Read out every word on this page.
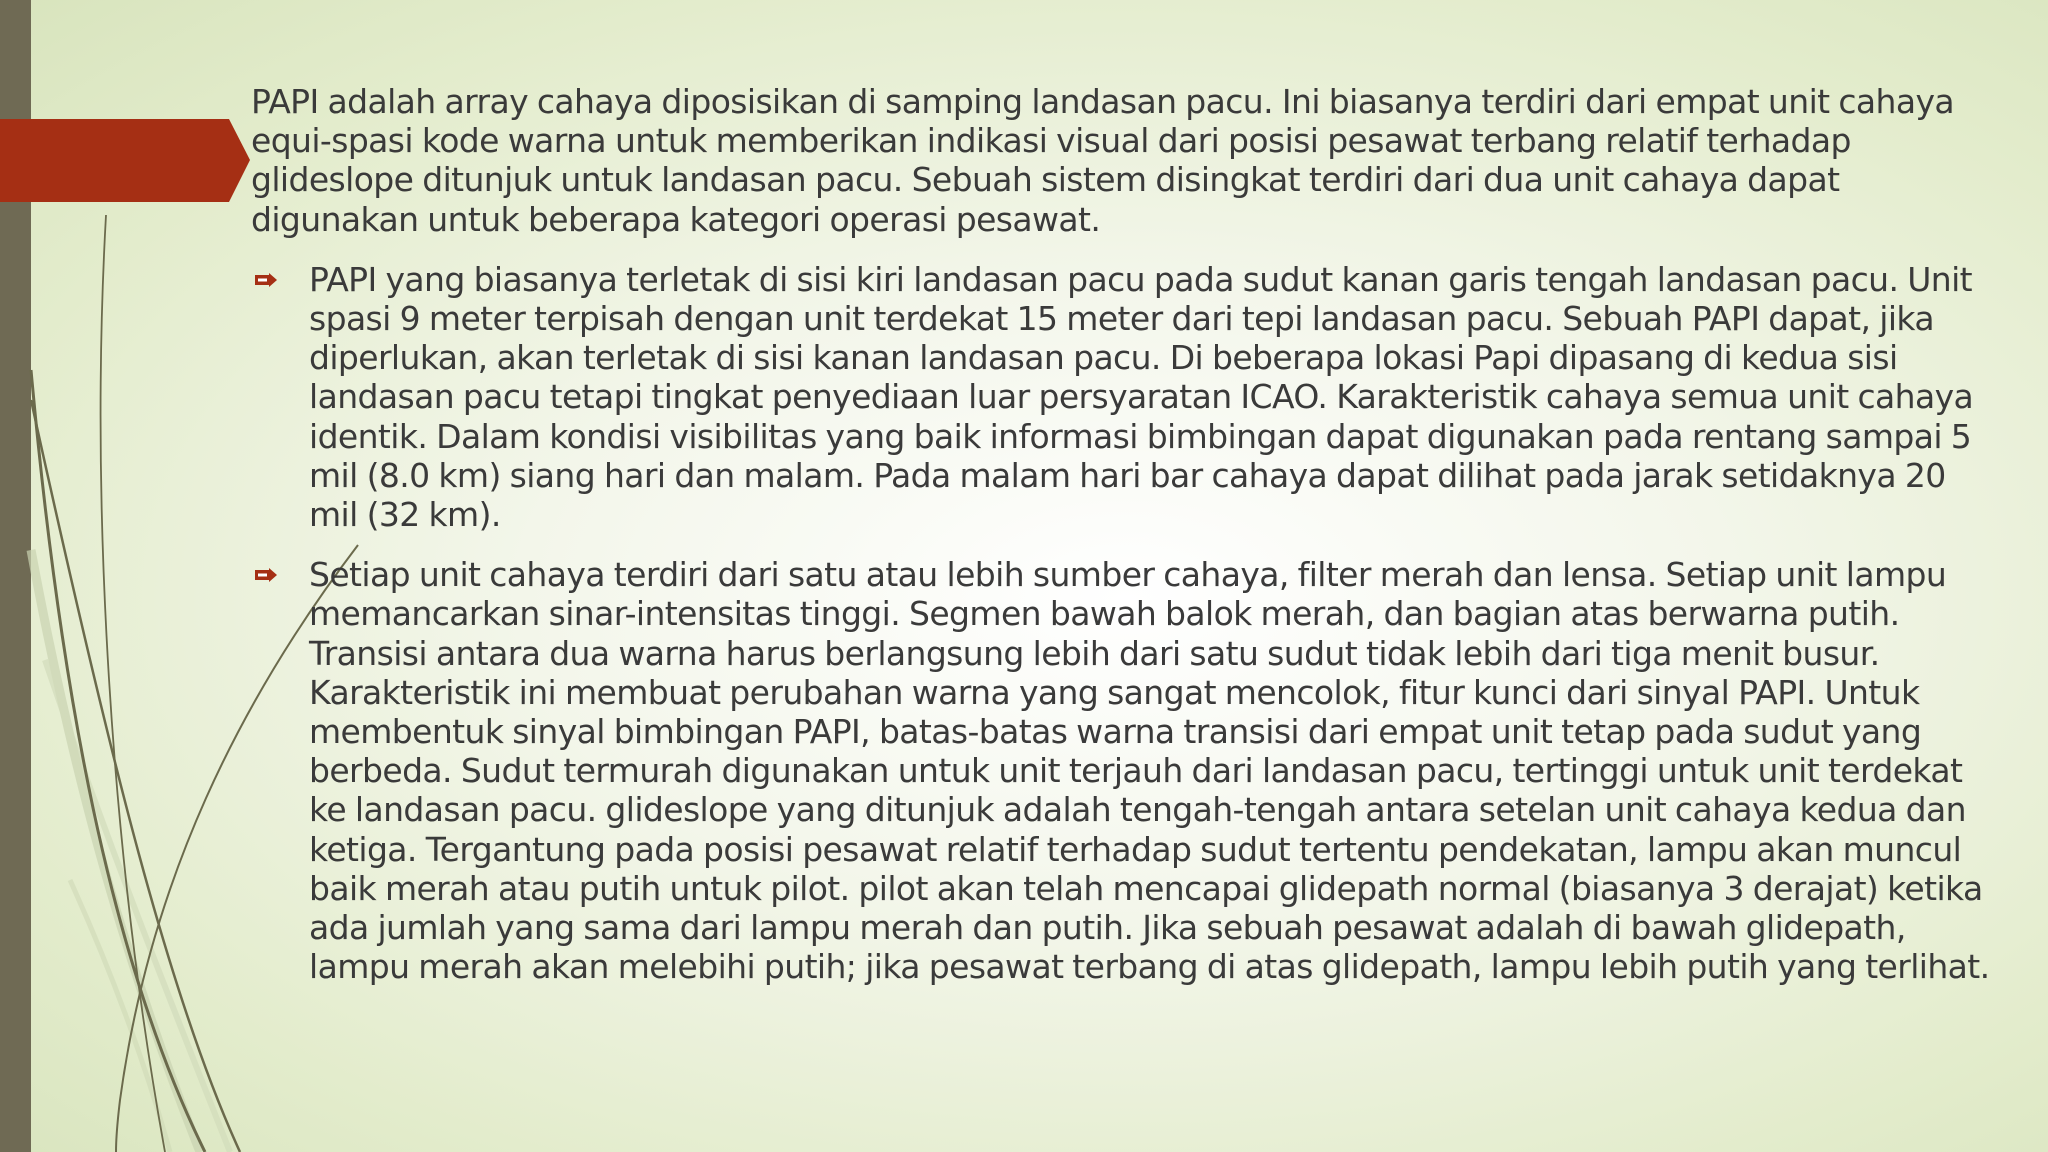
PAPI adalah array cahaya diposisikan di samping landasan pacu. Ini biasanya terdiri dari empat unit cahaya equi-spasi kode warna untuk memberikan indikasi visual dari posisi pesawat terbang relatif terhadap glideslope ditunjuk untuk landasan pacu. Sebuah sistem disingkat terdiri dari dua unit cahaya dapat digunakan untuk beberapa kategori operasi pesawat.

PAPI yang biasanya terletak di sisi kiri landasan pacu pada sudut kanan garis tengah landasan pacu. Unit spasi 9 meter terpisah dengan unit terdekat 15 meter dari tepi landasan pacu. Sebuah PAPI dapat, jika diperlukan, akan terletak di sisi kanan landasan pacu. Di beberapa lokasi Papi dipasang di kedua sisi landasan pacu tetapi tingkat penyediaan luar persyaratan ICAO. Karakteristik cahaya semua unit cahaya identik. Dalam kondisi visibilitas yang baik informasi bimbingan dapat digunakan pada rentang sampai 5 mil (8.0 km) siang hari dan malam. Pada malam hari bar cahaya dapat dilihat pada jarak setidaknya 20 mil (32 km).
Setiap unit cahaya terdiri dari satu atau lebih sumber cahaya, filter merah dan lensa. Setiap unit lampu memancarkan sinar-intensitas tinggi. Segmen bawah balok merah, dan bagian atas berwarna putih. Transisi antara dua warna harus berlangsung lebih dari satu sudut tidak lebih dari tiga menit busur. Karakteristik ini membuat perubahan warna yang sangat mencolok, fitur kunci dari sinyal PAPI. Untuk membentuk sinyal bimbingan PAPI, batas-batas warna transisi dari empat unit tetap pada sudut yang berbeda. Sudut termurah digunakan untuk unit terjauh dari landasan pacu, tertinggi untuk unit terdekat ke landasan pacu. glideslope yang ditunjuk adalah tengah-tengah antara setelan unit cahaya kedua dan ketiga. Tergantung pada posisi pesawat relatif terhadap sudut tertentu pendekatan, lampu akan muncul baik merah atau putih untuk pilot. pilot akan telah mencapai glidepath normal (biasanya 3 derajat) ketika ada jumlah yang sama dari lampu merah dan putih. Jika sebuah pesawat adalah di bawah glidepath, lampu merah akan melebihi putih; jika pesawat terbang di atas glidepath, lampu lebih putih yang terlihat.
